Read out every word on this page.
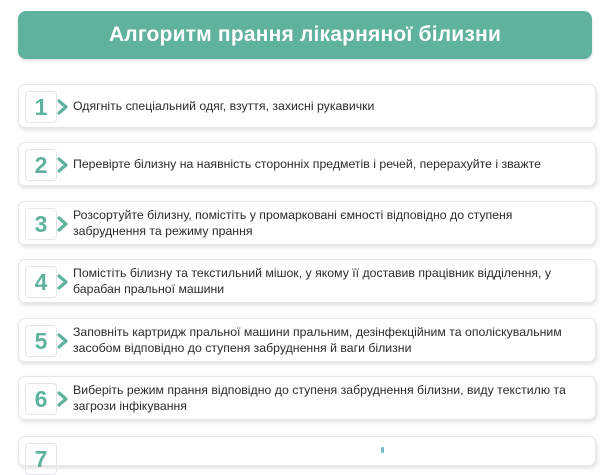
Алгоритм прання лікарняної білизни
1	Одягніть спеціальний одяг, взуття, захисні рукавички
2	Перевірте білизну на наявність сторонніх предметів і речей, перерахуйте і зважте
3	Розсортуйте білизну, помістіть у промарковані ємності відповідно до ступеня забруднення та режиму прання
4	Помістіть білизну та текстильний мішок, у якому її доставив працівник відділення, у барабан пральної машини
5	Заповніть картридж пральної машини пральним, дезінфекційним та ополіскувальним засобом відповідно до ступеня забруднення й ваги білизни
6	Виберіть режим прання відповідно до ступеня забруднення білизни, виду текстилю та загрози інфікування
7
